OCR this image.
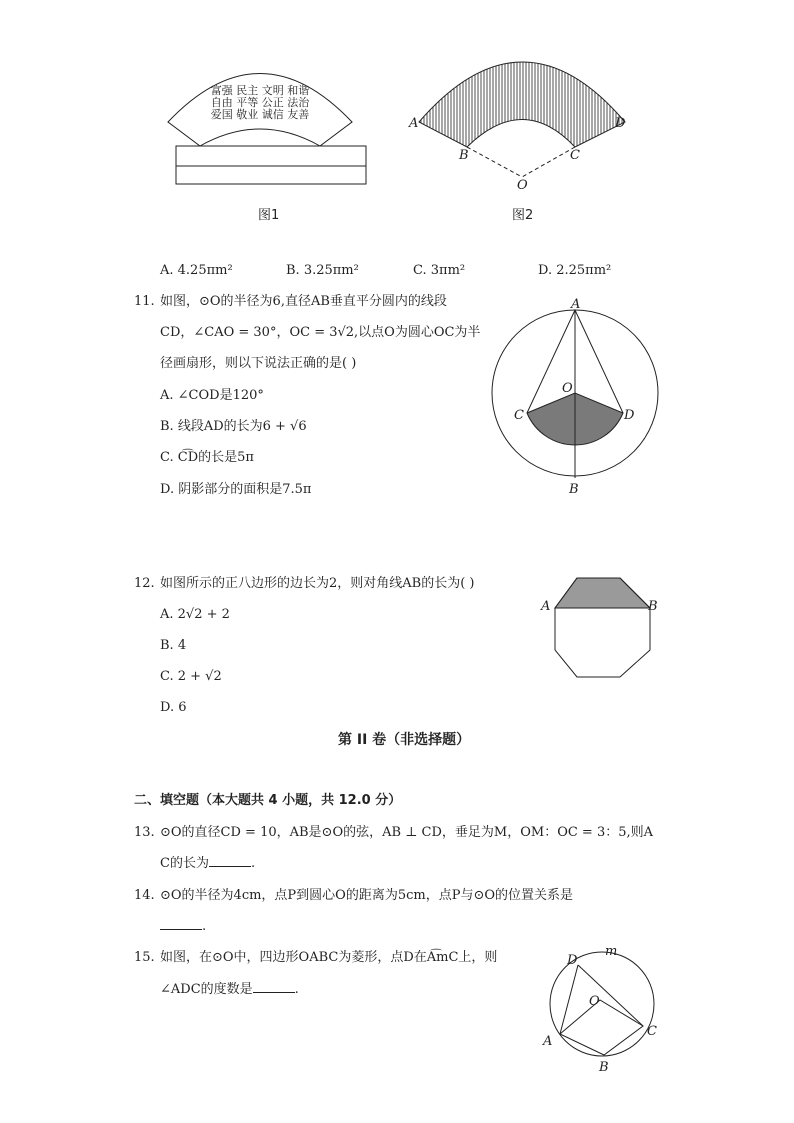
富强 民主 文明 和谐
自由 平等 公正 法治
爱国 敬业 诚信 友善
图1
A
B	C
D
O
图2
A. 4.25πm²	B. 3.25πm²	C. 3πm²	D. 2.25πm²
11. 如图，⊙O的半径为6,直径AB垂直平分圆内的线段
CD，∠CAO = 30°，OC = 3√2,以点O为圆心OC为半
径画扇形，则以下说法正确的是( )
A. ∠COD是120°
B. 线段AD的长为6 + √6
C. C͡D的长是5π
D. 阴影部分的面积是7.5π
A
O
C	D
B
12. 如图所示的正八边形的边长为2，则对角线AB的长为( )
A. 2√2 + 2
B. 4
C. 2 + √2
D. 6
A	B
第 II 卷（非选择题）
二、填空题（本大题共 4 小题，共 12.0 分）
13. ⊙O的直径CD = 10，AB是⊙O的弦，AB ⊥ CD，垂足为M，OM：OC = 3：5,则A
C的长为	.
14. ⊙O的半径为4cm，点P到圆心O的距离为5cm，点P与⊙O的位置关系是
.
15. 如图，在⊙O中，四边形OABC为菱形，点D在A͡mC上，则
∠ADC的度数是	.
D
m
O
A
C
B
